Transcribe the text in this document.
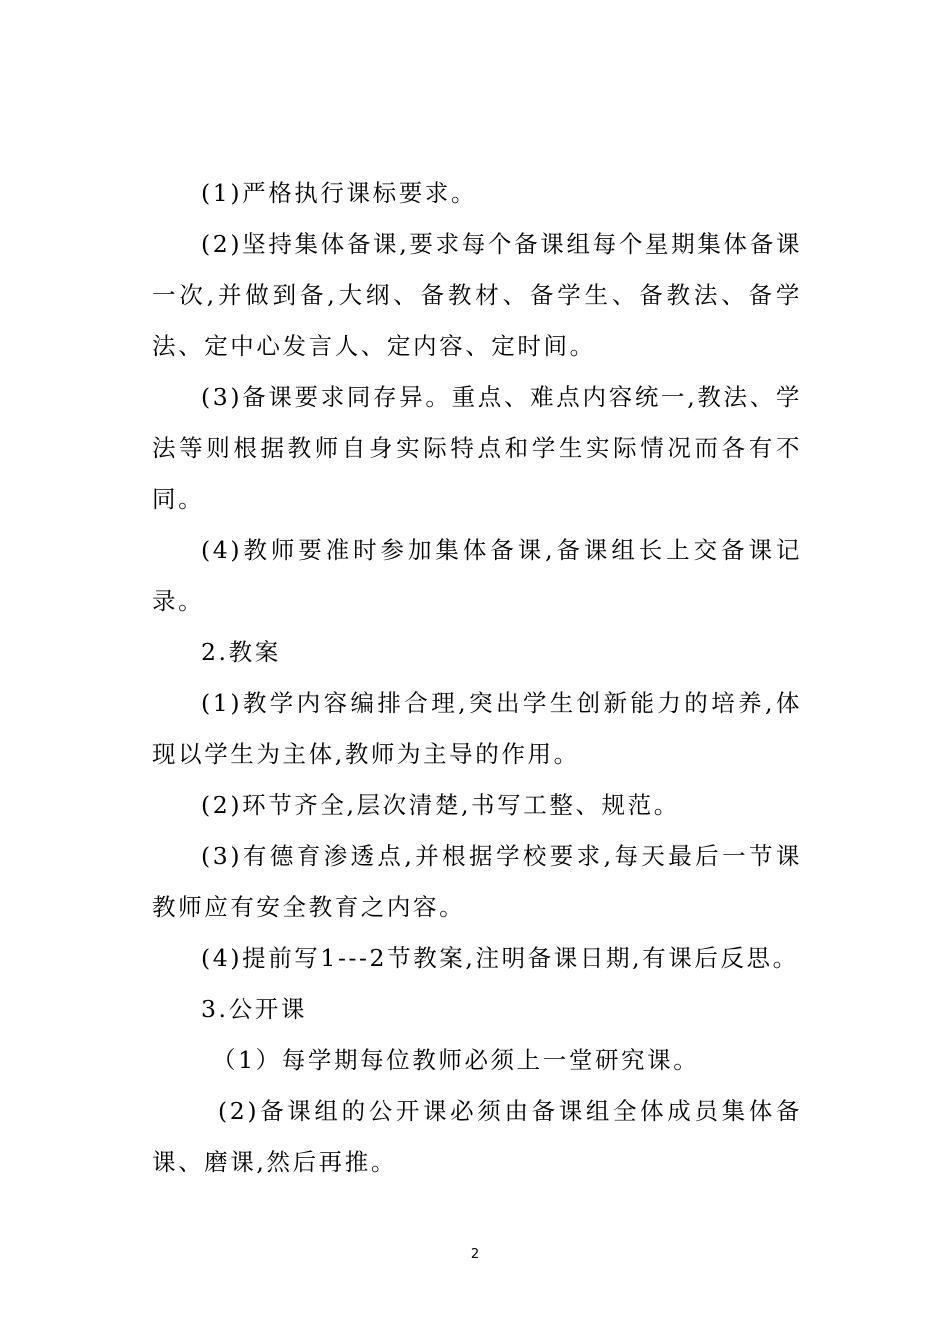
(1)严格执行课标要求。

(2)坚持集体备课,要求每个备课组每个星期集体备课一次,并做到备,大纲、备教材、备学生、备教法、备学法、定中心发言人、定内容、定时间。

(3)备课要求同存异。重点、难点内容统一,教法、学法等则根据教师自身实际特点和学生实际情况而各有不同。

(4)教师要准时参加集体备课,备课组长上交备课记录。

2.教案

(1)教学内容编排合理,突出学生创新能力的培养,体现以学生为主体,教师为主导的作用。

(2)环节齐全,层次清楚,书写工整、规范。

(3)有德育渗透点,并根据学校要求,每天最后一节课教师应有安全教育之内容。

(4)提前写1---2节教案,注明备课日期,有课后反思。

3.公开课

（1）每学期每位教师必须上一堂研究课。

(2)备课组的公开课必须由备课组全体成员集体备课、磨课,然后再推。

2
